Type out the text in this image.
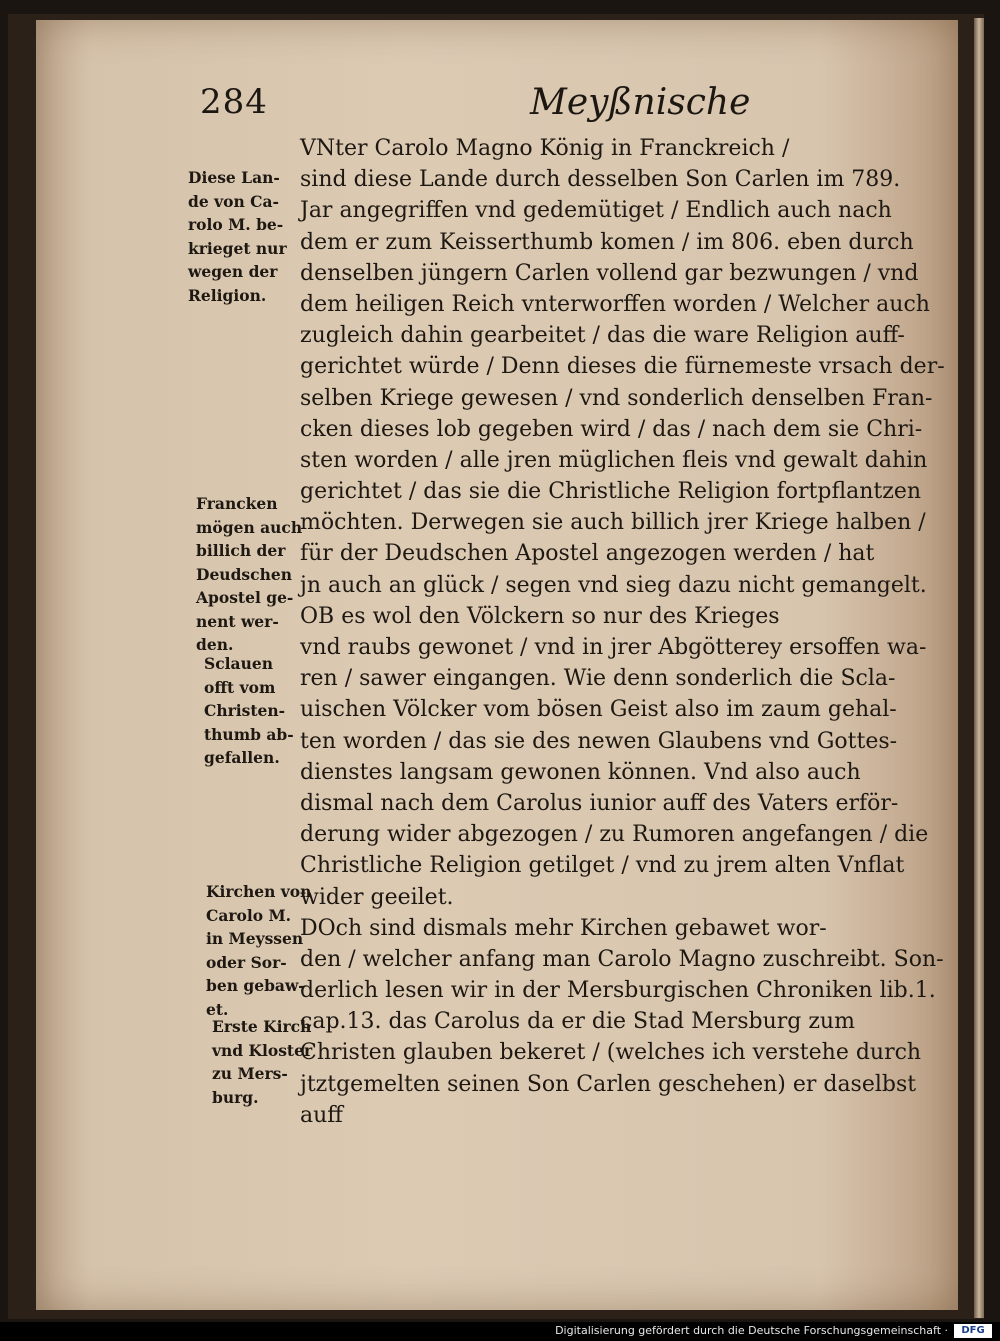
284	Meyßnische
VNter Carolo Magno König in Franckreich /
sind diese Lande durch desselben Son Carlen im 789.
Jar angegriffen vnd gedemütiget / Endlich auch nach
dem er zum Keisserthumb komen / im 806. eben durch
denselben jüngern Carlen vollend gar bezwungen / vnd
dem heiligen Reich vnterworffen worden / Welcher auch
zugleich dahin gearbeitet / das die ware Religion auff-
gerichtet würde / Denn dieses die fürnemeste vrsach der-
selben Kriege gewesen / vnd sonderlich denselben Fran-
cken dieses lob gegeben wird / das / nach dem sie Chri-
sten worden / alle jren müglichen fleis vnd gewalt dahin
gerichtet / das sie die Christliche Religion fortpflantzen
möchten. Derwegen sie auch billich jrer Kriege halben /
für der Deudschen Apostel angezogen werden / hat
jn auch an glück / segen vnd sieg dazu nicht gemangelt.
OB es wol den Völckern so nur des Krieges
vnd raubs gewonet / vnd in jrer Abgötterey ersoffen wa-
ren / sawer eingangen. Wie denn sonderlich die Scla-
uischen Völcker vom bösen Geist also im zaum gehal-
ten worden / das sie des newen Glaubens vnd Gottes-
dienstes langsam gewonen können. Vnd also auch
dismal nach dem Carolus iunior auff des Vaters erför-
derung wider abgezogen / zu Rumoren angefangen / die
Christliche Religion getilget / vnd zu jrem alten Vnflat
wider geeilet.
DOch sind dismals mehr Kirchen gebawet wor-
den / welcher anfang man Carolo Magno zuschreibt. Son-
derlich lesen wir in der Mersburgischen Chroniken lib.1.
cap.13. das Carolus da er die Stad Mersburg zum
Christen glauben bekeret / (welches ich verstehe durch
jtztgemelten seinen Son Carlen geschehen) er daselbst
auff
Diese Lan-
de von Ca-
rolo M. be-
krieget nur
wegen der
Religion.
Francken
mögen auch
billich der
Deudschen
Apostel ge-
nent wer-
den.
Sclauen
offt vom
Christen-
thumb ab-
gefallen.
Kirchen von
Carolo M.
in Meyssen
oder Sor-
ben gebaw-
et.
Erste Kirch
vnd Kloster
zu Mers-
burg.
Digitalisierung gefördert durch die Deutsche Forschungsgemeinschaft ·	DFG
